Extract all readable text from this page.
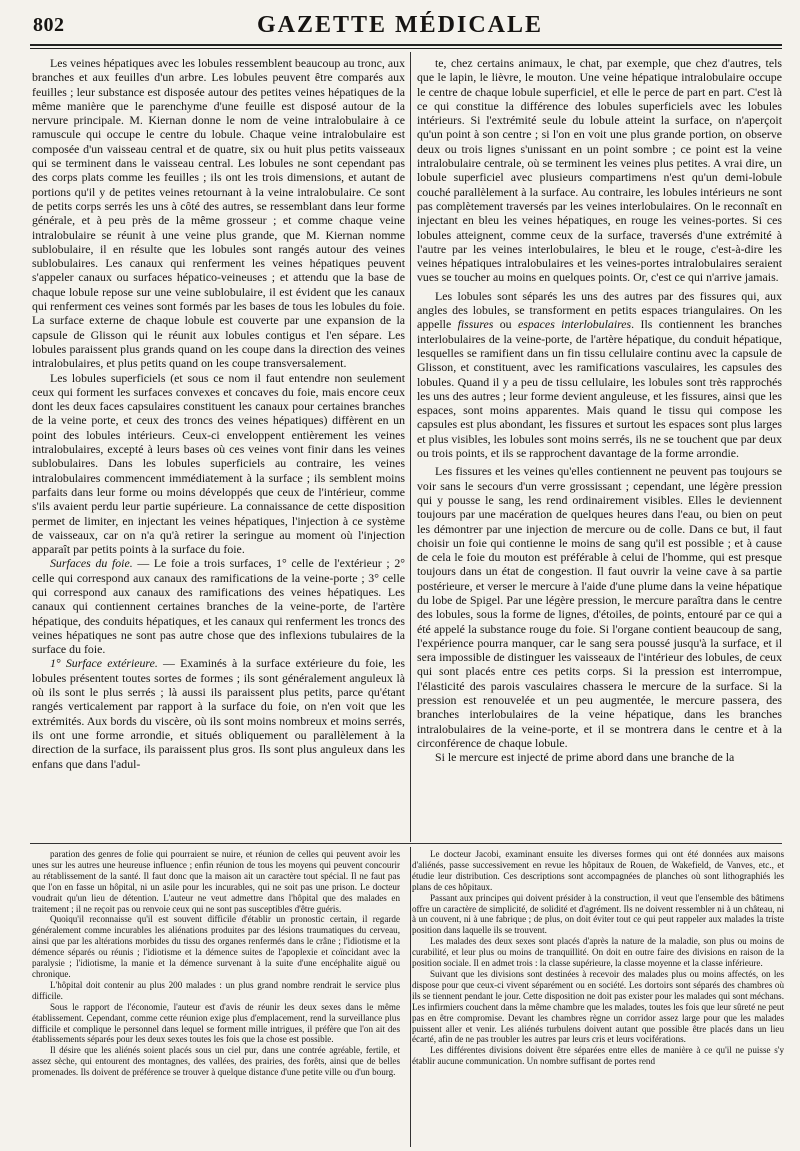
802	GAZETTE MÉDICALE

Les veines hépatiques avec les lobules ressemblent beaucoup au tronc, aux branches et aux feuilles d'un arbre. Les lobules peuvent être comparés aux feuilles ; leur substance est disposée autour des petites veines hépatiques de la même manière que le parenchyme d'une feuille est disposé autour de la nervure principale. M. Kiernan donne le nom de veine intralobulaire à ce ramuscule qui occupe le centre du lobule. Chaque veine intralobulaire est composée d'un vaisseau central et de quatre, six ou huit plus petits vaisseaux qui se terminent dans le vaisseau central. Les lobules ne sont cependant pas des corps plats comme les feuilles ; ils ont les trois dimensions, et autant de portions qu'il y de petites veines retournant à la veine intralobulaire. Ce sont de petits corps serrés les uns à côté des autres, se ressemblant dans leur forme générale, et à peu près de la même grosseur ; et comme chaque veine intralobulaire se réunit à une veine plus grande, que M. Kiernan nomme sublobulaire, il en résulte que les lobules sont rangés autour des veines sublobulaires. Les canaux qui renferment les veines hépatiques peuvent s'appeler canaux ou surfaces hépatico-veineuses ; et attendu que la base de chaque lobule repose sur une veine sublobulaire, il est évident que les canaux qui renferment ces veines sont formés par les bases de tous les lobules du foie. La surface externe de chaque lobule est couverte par une expansion de la capsule de Glisson qui le réunit aux lobules contigus et l'en sépare. Les lobules paraissent plus grands quand on les coupe dans la direction des veines intralobulaires, et plus petits quand on les coupe transversalement.

Les lobules superficiels (et sous ce nom il faut entendre non seulement ceux qui forment les surfaces convexes et concaves du foie, mais encore ceux dont les deux faces capsulaires constituent les canaux pour certaines branches de la veine porte, et ceux des troncs des veines hépatiques) diffèrent en un point des lobules intérieurs. Ceux-ci enveloppent entièrement les veines intralobulaires, excepté à leurs bases où ces veines vont finir dans les veines sublobulaires. Dans les lobules superficiels au contraire, les veines intralobulaires commencent immédiatement à la surface ; ils semblent moins parfaits dans leur forme ou moins développés que ceux de l'intérieur, comme s'ils avaient perdu leur partie supérieure. La connaissance de cette disposition permet de limiter, en injectant les veines hépatiques, l'injection à ce système de vaisseaux, car on n'a qu'à retirer la seringue au moment où l'injection apparaît par petits points à la surface du foie.

Surfaces du foie. — Le foie a trois surfaces, 1° celle de l'extérieur ; 2° celle qui correspond aux canaux des ramifications de la veine-porte ; 3° celle qui correspond aux canaux des ramifications des veines hépatiques. Les canaux qui contiennent certaines branches de la veine-porte, de l'artère hépatique, des conduits hépatiques, et les canaux qui renferment les troncs des veines hépatiques ne sont pas autre chose que des inflexions tubulaires de la surface du foie.

1° Surface extérieure. — Examinés à la surface extérieure du foie, les lobules présentent toutes sortes de formes ; ils sont généralement anguleux là où ils sont le plus serrés ; là aussi ils paraissent plus petits, parce qu'étant rangés verticalement par rapport à la surface du foie, on n'en voit que les extrémités. Aux bords du viscère, où ils sont moins nombreux et moins serrés, ils ont une forme arrondie, et situés obliquement ou parallèlement à la direction de la surface, ils paraissent plus gros. Ils sont plus anguleux dans les enfans que dans l'adul-

te, chez certains animaux, le chat, par exemple, que chez d'autres, tels que le lapin, le lièvre, le mouton. Une veine hépatique intralobulaire occupe le centre de chaque lobule superficiel, et elle le perce de part en part. C'est là ce qui constitue la différence des lobules superficiels avec les lobules intérieurs. Si l'extrémité seule du lobule atteint la surface, on n'aperçoit qu'un point à son centre ; si l'on en voit une plus grande portion, on observe deux ou trois lignes s'unissant en un point sombre ; ce point est la veine intralobulaire centrale, où se terminent les veines plus petites. A vrai dire, un lobule superficiel avec plusieurs compartimens n'est qu'un demi-lobule couché parallèlement à la surface. Au contraire, les lobules intérieurs ne sont pas complètement traversés par les veines interlobulaires. On le reconnaît en injectant en bleu les veines hépatiques, en rouge les veines-portes. Si ces lobules atteignent, comme ceux de la surface, traversés d'une extrémité à l'autre par les veines interlobulaires, le bleu et le rouge, c'est-à-dire les veines hépatiques intralobulaires et les veines-portes intralobulaires seraient vues se toucher au moins en quelques points. Or, c'est ce qui n'arrive jamais.

Les lobules sont séparés les uns des autres par des fissures qui, aux angles des lobules, se transforment en petits espaces triangulaires. On les appelle fissures ou espaces interlobulaires. Ils contiennent les branches interlobulaires de la veine-porte, de l'artère hépatique, du conduit hépatique, lesquelles se ramifient dans un fin tissu cellulaire continu avec la capsule de Glisson, et constituent, avec les ramifications vasculaires, les capsules des lobules. Quand il y a peu de tissu cellulaire, les lobules sont très rapprochés les uns des autres ; leur forme devient anguleuse, et les fissures, ainsi que les espaces, sont moins apparentes. Mais quand le tissu qui compose les capsules est plus abondant, les fissures et surtout les espaces sont plus larges et plus visibles, les lobules sont moins serrés, ils ne se touchent que par deux ou trois points, et ils se rapprochent davantage de la forme arrondie.

Les fissures et les veines qu'elles contiennent ne peuvent pas toujours se voir sans le secours d'un verre grossissant ; cependant, une légère pression qui y pousse le sang, les rend ordinairement visibles. Elles le deviennent toujours par une macération de quelques heures dans l'eau, ou bien on peut les démontrer par une injection de mercure ou de colle. Dans ce but, il faut choisir un foie qui contienne le moins de sang qu'il est possible ; et à cause de cela le foie du mouton est préférable à celui de l'homme, qui est presque toujours dans un état de congestion. Il faut ouvrir la veine cave à sa partie postérieure, et verser le mercure à l'aide d'une plume dans la veine hépatique du lobe de Spigel. Par une légère pression, le mercure paraîtra dans le centre des lobules, sous la forme de lignes, d'étoiles, de points, entouré par ce qui a été appelé la substance rouge du foie. Si l'organe contient beaucoup de sang, l'expérience pourra manquer, car le sang sera poussé jusqu'à la surface, et il sera impossible de distinguer les vaisseaux de l'intérieur des lobules, de ceux qui sont placés entre ces petits corps. Si la pression est interrompue, l'élasticité des parois vasculaires chassera le mercure de la surface. Si la pression est renouvelée et un peu augmentée, le mercure passera, des branches interlobulaires de la veine hépatique, dans les branches intralobulaires de la veine-porte, et il se montrera dans le centre et à la circonférence de chaque lobule.

Si le mercure est injecté de prime abord dans une branche de la

paration des genres de folie qui pourraient se nuire, et réunion de celles qui peuvent avoir les unes sur les autres une heureuse influence ; enfin réunion de tous les moyens qui peuvent concourir au rétablissement de la santé. Il faut donc que la maison ait un caractère tout spécial. Il ne faut pas que l'on en fasse un hôpital, ni un asile pour les incurables, qui ne soit pas une prison. Le docteur voudrait qu'un lieu de détention. L'auteur ne veut admettre dans l'hôpital que des malades en traitement ; il ne reçoit pas ou renvoie ceux qui ne sont pas susceptibles d'être guéris.

Quoiqu'il reconnaisse qu'il est souvent difficile d'établir un pronostic certain, il regarde généralement comme incurables les aliénations produites par des lésions traumatiques du cerveau, ainsi que par les altérations morbides du tissu des organes renfermés dans le crâne ; l'idiotisme et la démence séparés ou réunis ; l'idiotisme et la démence suites de l'apoplexie et coïncidant avec la paralysie ; l'idiotisme, la manie et la démence survenant à la suite d'une encéphalite aiguë ou chronique.

L'hôpital doit contenir au plus 200 malades : un plus grand nombre rendrait le service plus difficile.

Sous le rapport de l'économie, l'auteur est d'avis de réunir les deux sexes dans le même établissement. Cependant, comme cette réunion exige plus d'emplacement, rend la surveillance plus difficile et complique le personnel dans lequel se forment mille intrigues, il préfère que l'on ait des établissements séparés pour les deux sexes toutes les fois que la chose est possible.

Il désire que les aliénés soient placés sous un ciel pur, dans une contrée agréable, fertile, et assez sèche, qui entourent des montagnes, des vallées, des prairies, des forêts, ainsi que de belles promenades. Ils doivent de préférence se trouver à quelque distance d'une petite ville ou d'un bourg.

Le docteur Jacobi, examinant ensuite les diverses formes qui ont été données aux maisons d'aliénés, passe successivement en revue les hôpitaux de Rouen, de Wakefield, de Vanves, etc., et étudie leur distribution. Ces descriptions sont accompagnées de planches où sont lithographiés les plans de ces hôpitaux.

Passant aux principes qui doivent présider à la construction, il veut que l'ensemble des bâtimens offre un caractère de simplicité, de solidité et d'agrément. Ils ne doivent ressembler ni à un château, ni à un couvent, ni à une fabrique ; de plus, on doit éviter tout ce qui peut rappeler aux malades la triste position dans laquelle ils se trouvent.

Les malades des deux sexes sont placés d'après la nature de la maladie, son plus ou moins de curabilité, et leur plus ou moins de tranquillité. On doit en outre faire des divisions en raison de la position sociale. Il en admet trois : la classe supérieure, la classe moyenne et la classe inférieure.

Suivant que les divisions sont destinées à recevoir des malades plus ou moins affectés, on les dispose pour que ceux-ci vivent séparément ou en société. Les dortoirs sont séparés des chambres où ils se tiennent pendant le jour. Cette disposition ne doit pas exister pour les malades qui sont méchans. Les infirmiers couchent dans la même chambre que les malades, toutes les fois que leur sûreté ne peut pas en être compromise. Devant les chambres règne un corridor assez large pour que les malades puissent aller et venir. Les aliénés turbulens doivent autant que possible être placés dans un lieu écarté, afin de ne pas troubler les autres par leurs cris et leurs vociférations.

Les différentes divisions doivent être séparées entre elles de manière à ce qu'il ne puisse s'y établir aucune communication. Un nombre suffisant de portes rend
